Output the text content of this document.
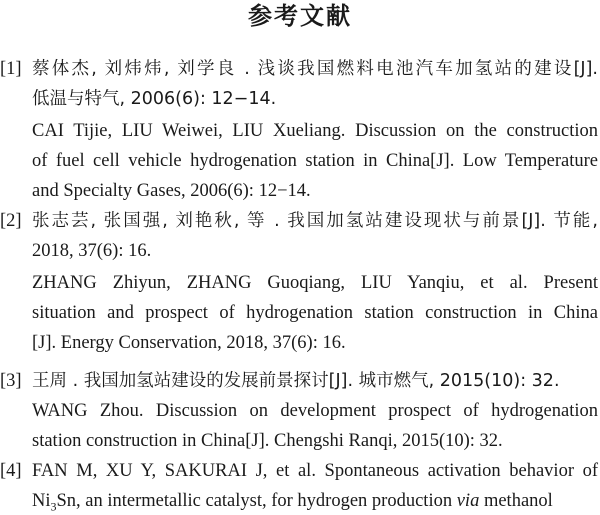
参考文献
[1] 蔡体杰, 刘炜炜, 刘学良 . 浅谈我国燃料电池汽车加氢站的建设[J].
低温与特气, 2006(6): 12−14.
CAI Tijie, LIU Weiwei, LIU Xueliang. Discussion on the construction
of fuel cell vehicle hydrogenation station in China[J]. Low Temperature
and Specialty Gases, 2006(6): 12−14.
[2] 张志芸, 张国强, 刘艳秋, 等 . 我国加氢站建设现状与前景[J]. 节能,
2018, 37(6): 16.
ZHANG Zhiyun, ZHANG Guoqiang, LIU Yanqiu, et al. Present
situation and prospect of hydrogenation station construction in China
[J]. Energy Conservation, 2018, 37(6): 16.
[3] 王周 . 我国加氢站建设的发展前景探讨[J]. 城市燃气, 2015(10): 32.
WANG Zhou. Discussion on development prospect of hydrogenation
station construction in China[J]. Chengshi Ranqi, 2015(10): 32.
[4] FAN M, XU Y, SAKURAI J, et al. Spontaneous activation behavior of
$Ni_3Sn$, an intermetallic catalyst, for hydrogen production via methanol
